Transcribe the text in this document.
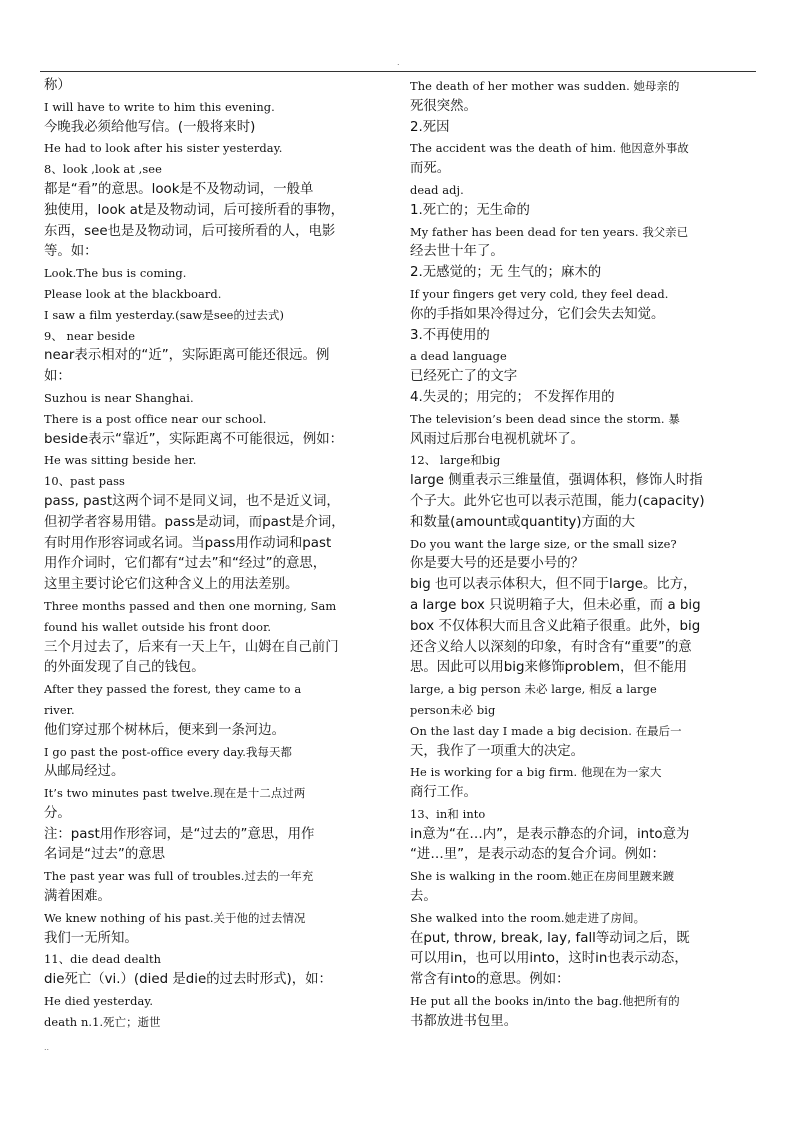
.
称）
I will have to write to him this evening.
今晚我必须给他写信。(一般将来时)
He had to look after his sister yesterday.
8、look ,look at ,see
都是“看”的意思。look是不及物动词，一般单
独使用，look at是及物动词，后可接所看的事物，
东西，see也是及物动词，后可接所看的人，电影
等。如：
Look.The bus is coming.
Please look at the blackboard.
I saw a film yesterday.(saw是see的过去式)
9、 near beside
near表示相对的“近”，实际距离可能还很远。例
如：
Suzhou is near Shanghai.
There is a post office near our school.
beside表示“靠近”，实际距离不可能很远，例如：
He was sitting beside her.
10、past pass
pass, past这两个词不是同义词，也不是近义词，
但初学者容易用错。pass是动词，而past是介词，
有时用作形容词或名词。当pass用作动词和past
用作介词时，它们都有“过去”和“经过”的意思，
这里主要讨论它们这种含义上的用法差别。
Three months passed and then one morning, Sam
found his wallet outside his front door.
三个月过去了，后来有一天上午，山姆在自己前门
的外面发现了自己的钱包。
After they passed the forest, they came to a
river.
他们穿过那个树林后，便来到一条河边。
I go past the post-office every day.我每天都
从邮局经过。
It’s two minutes past twelve.现在是十二点过两
分。
注：past用作形容词，是“过去的”意思，用作
名词是“过去”的意思
The past year was full of troubles.过去的一年充
满着困难。
We knew nothing of his past.关于他的过去情况
我们一无所知。
11、die dead dealth
die死亡（vi.）(died 是die的过去时形式)，如：
He died yesterday.
death n.1.死亡；逝世
The death of her mother was sudden. 她母亲的
死很突然。
2.死因
The accident was the death of him. 他因意外事故
而死。
dead adj.
1.死亡的；无生命的
My father has been dead for ten years. 我父亲已
经去世十年了。
2.无感觉的；无 生气的；麻木的
If your fingers get very cold, they feel dead.
你的手指如果冷得过分，它们会失去知觉。
3.不再使用的
a dead language
已经死亡了的文字
4.失灵的；用完的； 不发挥作用的
The television’s been dead since the storm. 暴
风雨过后那台电视机就坏了。
12、 large和big
large 侧重表示三维量值，强调体积，修饰人时指
个子大。此外它也可以表示范围，能力(capacity)
和数量(amount或quantity)方面的大
Do you want the large size, or the small size?
你是要大号的还是要小号的？
big 也可以表示体积大，但不同于large。比方，
a large box 只说明箱子大，但未必重，而 a big
box 不仅体积大而且含义此箱子很重。此外，big
还含义给人以深刻的印象，有时含有“重要”的意
思。因此可以用big来修饰problem，但不能用
large, a big person 未必 large, 相反 a large
person未必 big
On the last day I made a big decision. 在最后一
天，我作了一项重大的决定。
He is working for a big firm. 他现在为一家大
商行工作。
13、in和 into
in意为“在…内”，是表示静态的介词，into意为
“进…里”，是表示动态的复合介词。例如：
She is walking in the room.她正在房间里踱来踱
去。
She walked into the room.她走进了房间。
在put, throw, break, lay, fall等动词之后，既
可以用in，也可以用into，这时in也表示动态，
常含有into的意思。例如：
He put all the books in/into the bag.他把所有的
书都放进书包里。
..
